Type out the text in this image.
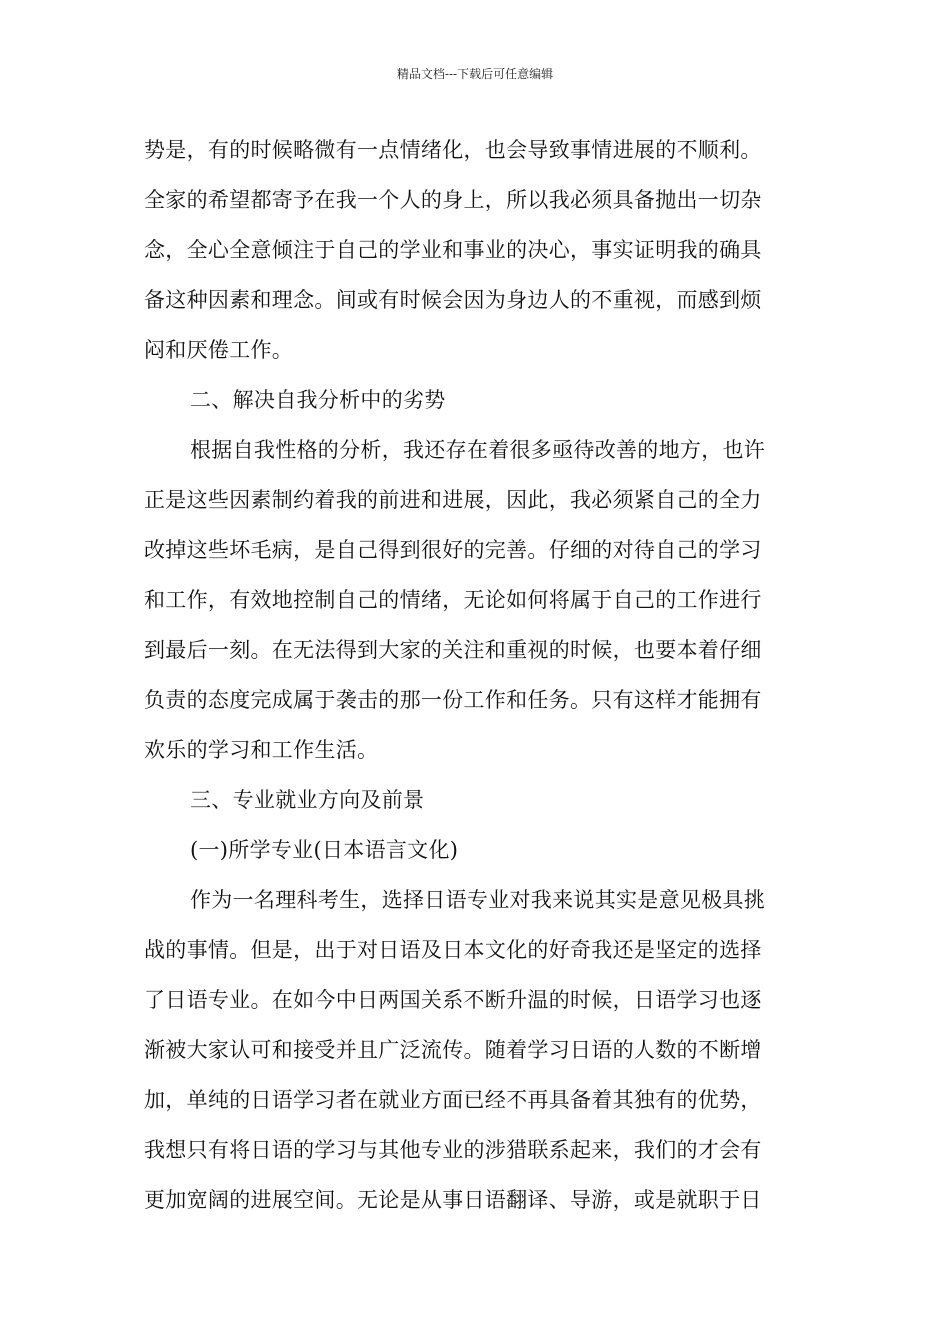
精品文档---下载后可任意编辑
势是，有的时候略微有一点情绪化，也会导致事情进展的不顺利。
全家的希望都寄予在我一个人的身上，所以我必须具备抛出一切杂
念，全心全意倾注于自己的学业和事业的决心，事实证明我的确具
备这种因素和理念。间或有时候会因为身边人的不重视，而感到烦
闷和厌倦工作。
二、解决自我分析中的劣势
根据自我性格的分析，我还存在着很多亟待改善的地方，也许
正是这些因素制约着我的前进和进展，因此，我必须紧自己的全力
改掉这些坏毛病，是自己得到很好的完善。仔细的对待自己的学习
和工作，有效地控制自己的情绪，无论如何将属于自己的工作进行
到最后一刻。在无法得到大家的关注和重视的时候，也要本着仔细
负责的态度完成属于袭击的那一份工作和任务。只有这样才能拥有
欢乐的学习和工作生活。
三、专业就业方向及前景
(一)所学专业(日本语言文化)
作为一名理科考生，选择日语专业对我来说其实是意见极具挑
战的事情。但是，出于对日语及日本文化的好奇我还是坚定的选择
了日语专业。在如今中日两国关系不断升温的时候，日语学习也逐
渐被大家认可和接受并且广泛流传。随着学习日语的人数的不断增
加，单纯的日语学习者在就业方面已经不再具备着其独有的优势，
我想只有将日语的学习与其他专业的涉猎联系起来，我们的才会有
更加宽阔的进展空间。无论是从事日语翻译、导游，或是就职于日
